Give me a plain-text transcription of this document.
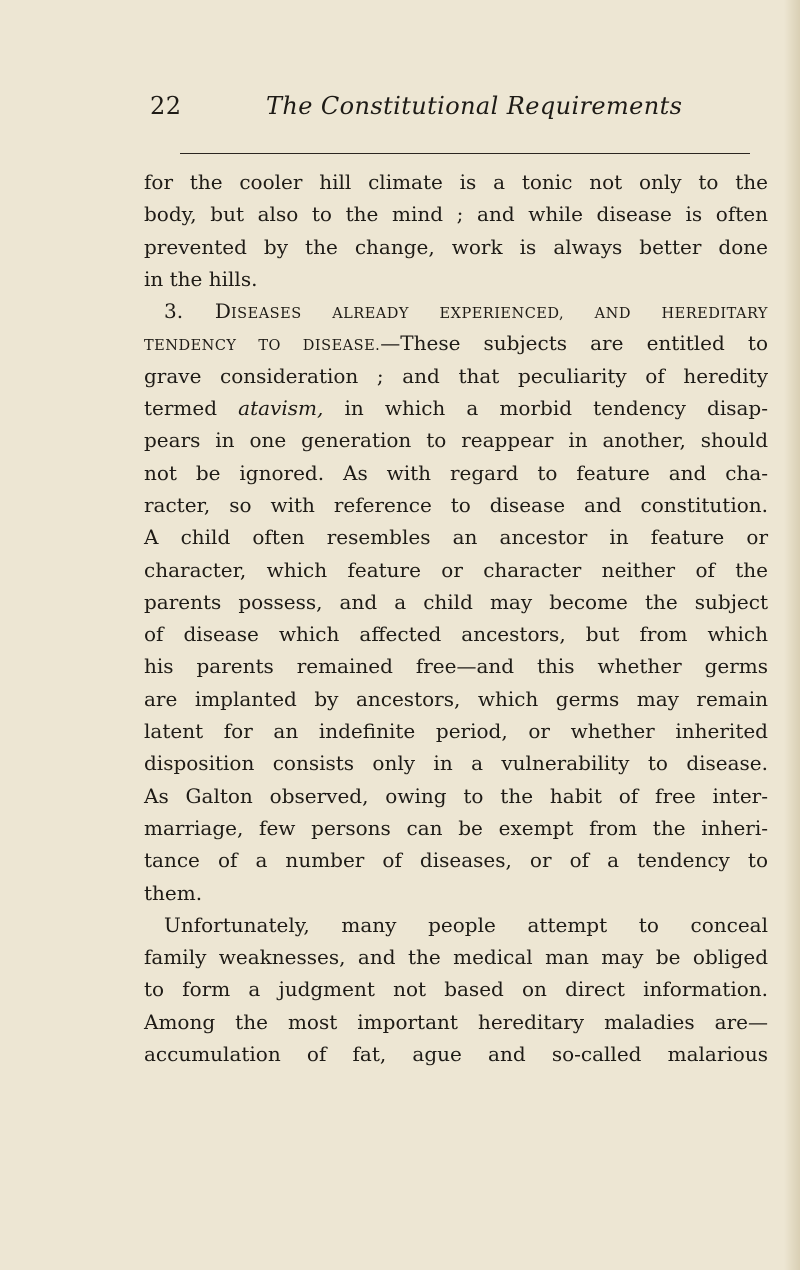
22	The Constitutional Requirements
for the cooler hill climate is a tonic not only to the
body, but also to the mind ; and while disease is often
prevented by the change, work is always better done
in the hills.
3. DISEASES ALREADY EXPERIENCED, AND HEREDITARY
TENDENCY TO DISEASE.—These subjects are entitled to
grave consideration ; and that peculiarity of heredity
termed atavism, in which a morbid tendency disap-
pears in one generation to reappear in another, should
not be ignored. As with regard to feature and cha-
racter, so with reference to disease and constitution.
A child often resembles an ancestor in feature or
character, which feature or character neither of the
parents possess, and a child may become the subject
of disease which affected ancestors, but from which
his parents remained free—and this whether germs
are implanted by ancestors, which germs may remain
latent for an indefinite period, or whether inherited
disposition consists only in a vulnerability to disease.
As Galton observed, owing to the habit of free inter-
marriage, few persons can be exempt from the inheri-
tance of a number of diseases, or of a tendency to
them.
Unfortunately, many people attempt to conceal
family weaknesses, and the medical man may be obliged
to form a judgment not based on direct information.
Among the most important hereditary maladies are—
accumulation of fat, ague and so-called malarious
